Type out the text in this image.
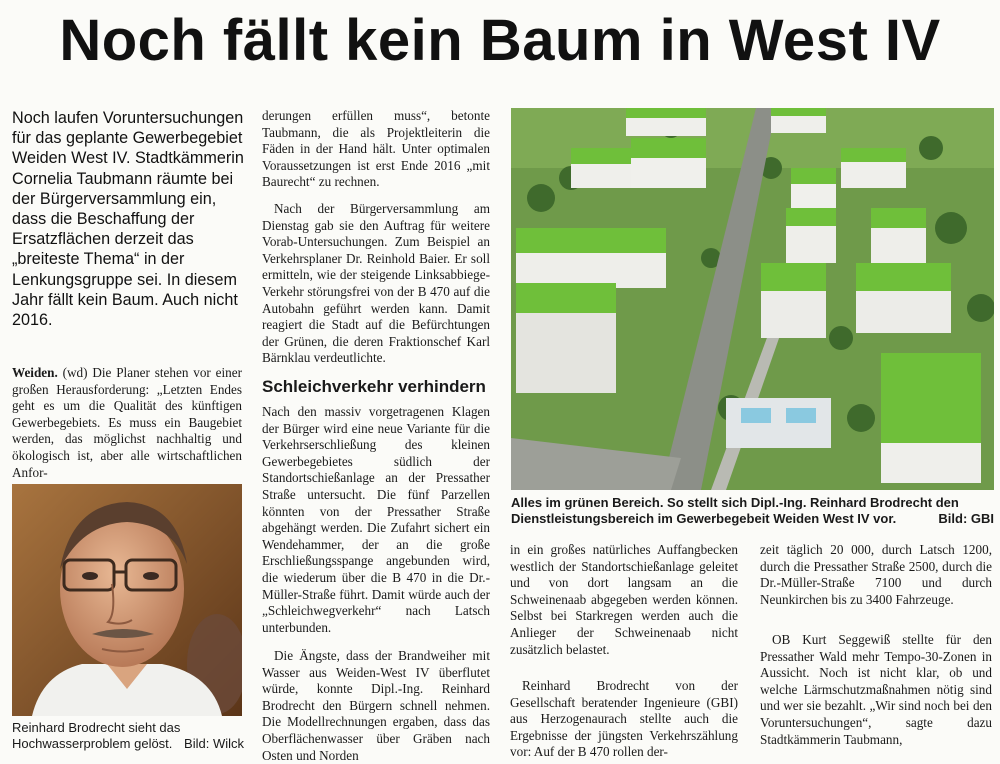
Noch fällt kein Baum in West IV
Noch laufen Voruntersuchungen für das geplante Gewerbegebiet Weiden West IV. Stadtkämmerin Cornelia Taubmann räumte bei der Bürgerversammlung ein, dass die Beschaffung der Ersatzflächen derzeit das „breiteste Thema“ in der Lenkungsgruppe sei. In diesem Jahr fällt kein Baum. Auch nicht 2016.

Weiden. (wd) Die Planer stehen vor einer großen Herausforderung: „Letzten Endes geht es um die Qualität des künftigen Gewerbegebiets. Es muss ein Baugebiet werden, das möglichst nachhaltig und ökologisch ist, aber alle wirtschaftlichen Anfor-

Reinhard Brodrecht sieht das Hochwasserproblem gelöst. Bild: Wilck

derungen erfüllen muss“, betonte Taubmann, die als Projektleiterin die Fäden in der Hand hält. Unter optimalen Voraussetzungen ist erst Ende 2016 „mit Baurecht“ zu rechnen.

Nach der Bürgerversammlung am Dienstag gab sie den Auftrag für weitere Vorab-Untersuchungen. Zum Beispiel an Verkehrsplaner Dr. Reinhold Baier. Er soll ermitteln, wie der steigende Linksabbiege-Verkehr störungsfrei von der B 470 auf die Autobahn geführt werden kann. Damit reagiert die Stadt auf die Befürchtungen der Grünen, die deren Fraktionschef Karl Bärnklau verdeutlichte.

Schleichverkehr verhindern

Nach den massiv vorgetragenen Klagen der Bürger wird eine neue Variante für die Verkehrserschließung des kleinen Gewerbegebietes südlich der Standortschießanlage an der Pressather Straße untersucht. Die fünf Parzellen könnten von der Pressather Straße abgehängt werden. Die Zufahrt sichert ein Wendehammer, der an die große Erschließungsspange angebunden wird, die wiederum über die B 470 in die Dr.-Müller-Straße führt. Damit würde auch der „Schleichwegverkehr“ nach Latsch unterbunden.

Die Ängste, dass der Brandweiher mit Wasser aus Weiden-West IV überflutet würde, konnte Dipl.-Ing. Reinhard Brodrecht den Bürgern schnell nehmen. Die Modellrechnungen ergaben, dass das Oberflächenwasser über Gräben nach Osten und Norden

Alles im grünen Bereich. So stellt sich Dipl.-Ing. Reinhard Brodrecht den Dienstleistungsbereich im Gewerbegebeit Weiden West IV vor.	Bild: GBI

in ein großes natürliches Auffangbecken westlich der Standortschießanlage geleitet und von dort langsam an die Schweinenaab abgegeben werden können. Selbst bei Starkregen werden auch die Anlieger der Schweinenaab nicht zusätzlich belastet.

Reinhard Brodrecht von der Gesellschaft beratender Ingenieure (GBI) aus Herzogenaurach stellte auch die Ergebnisse der jüngsten Verkehrszählung vor: Auf der B 470 rollen der-

zeit täglich 20 000, durch Latsch 1200, durch die Pressather Straße 2500, durch die Dr.-Müller-Straße 7100 und durch Neunkirchen bis zu 3400 Fahrzeuge.

OB Kurt Seggewiß stellte für den Pressather Wald mehr Tempo-30-Zonen in Aussicht. Noch ist nicht klar, ob und welche Lärmschutzmaßnahmen nötig sind und wer sie bezahlt. „Wir sind noch bei den Voruntersuchungen“, sagte dazu Stadtkämmerin Taubmann,
